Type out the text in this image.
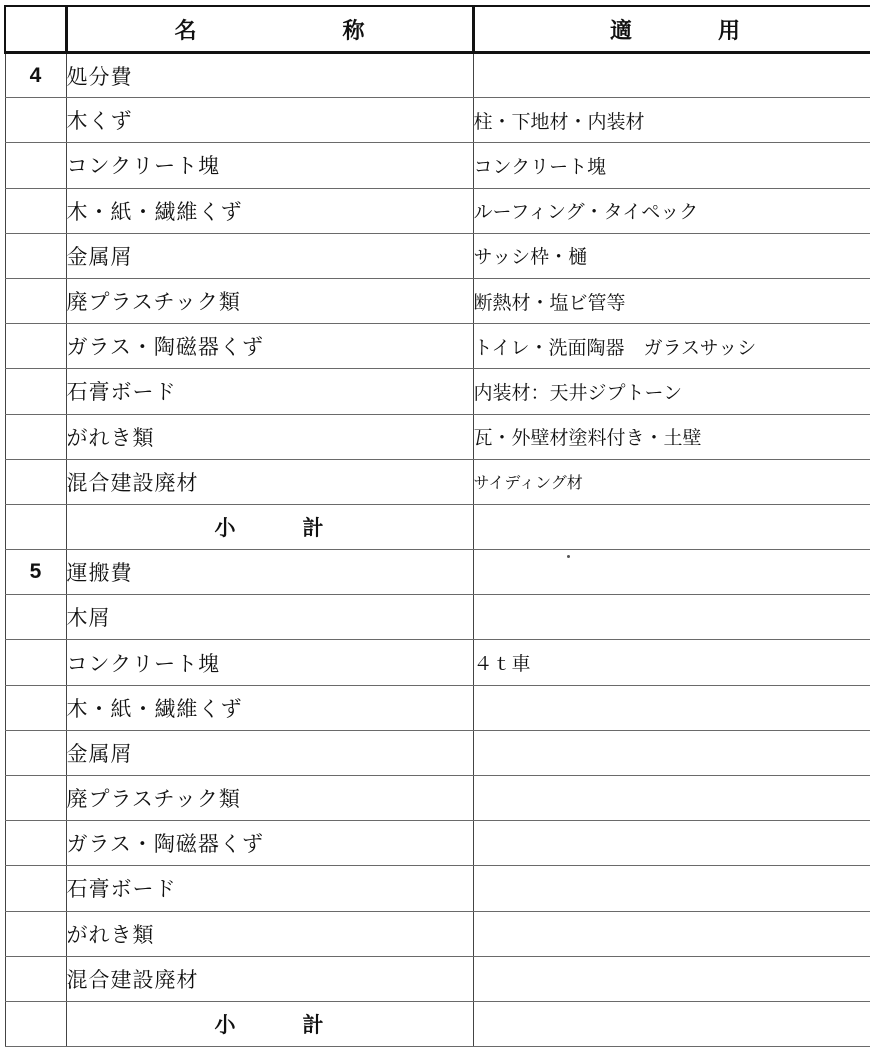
	名 称	適 用

4	処分費	
	木くず	柱・下地材・内装材
	コンクリート塊	コンクリート塊
	木・紙・繊維くず	ルーフィング・タイペック
	金属屑	サッシ枠・樋
	廃プラスチック類	断熱材・塩ビ管等
	ガラス・陶磁器くず	トイレ・洗面陶器　ガラスサッシ
	石膏ボード	内装材：天井ジプトーン
	がれき類	瓦・外壁材塗料付き・土壁
	混合建設廃材	サイディング材

	小 計	

5	運搬費	
	木屑	
	コンクリート塊	４ｔ車
	木・紙・繊維くず	
	金属屑	
	廃プラスチック類	
	ガラス・陶磁器くず	
	石膏ボード	
	がれき類	
	混合建設廃材	

	小 計	
